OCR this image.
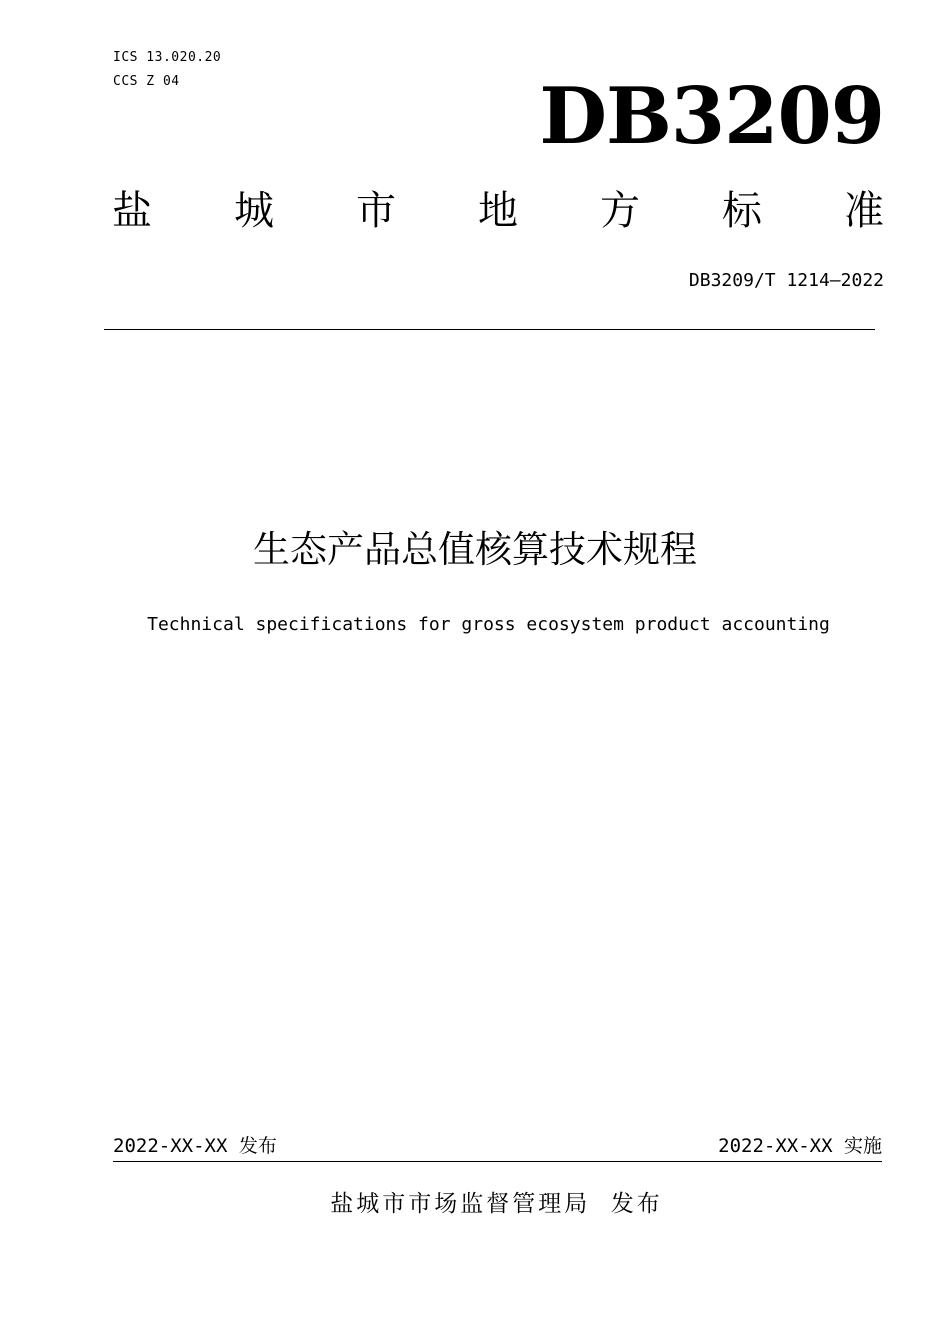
ICS 13.020.20
CCS Z 04	DB3209
盐 城 市 地 方 标 准
DB3209/T 1214—2022
生态产品总值核算技术规程
Technical specifications for gross ecosystem product accounting
2022-XX-XX 发布	2022-XX-XX 实施
盐城市市场监督管理局  发布
